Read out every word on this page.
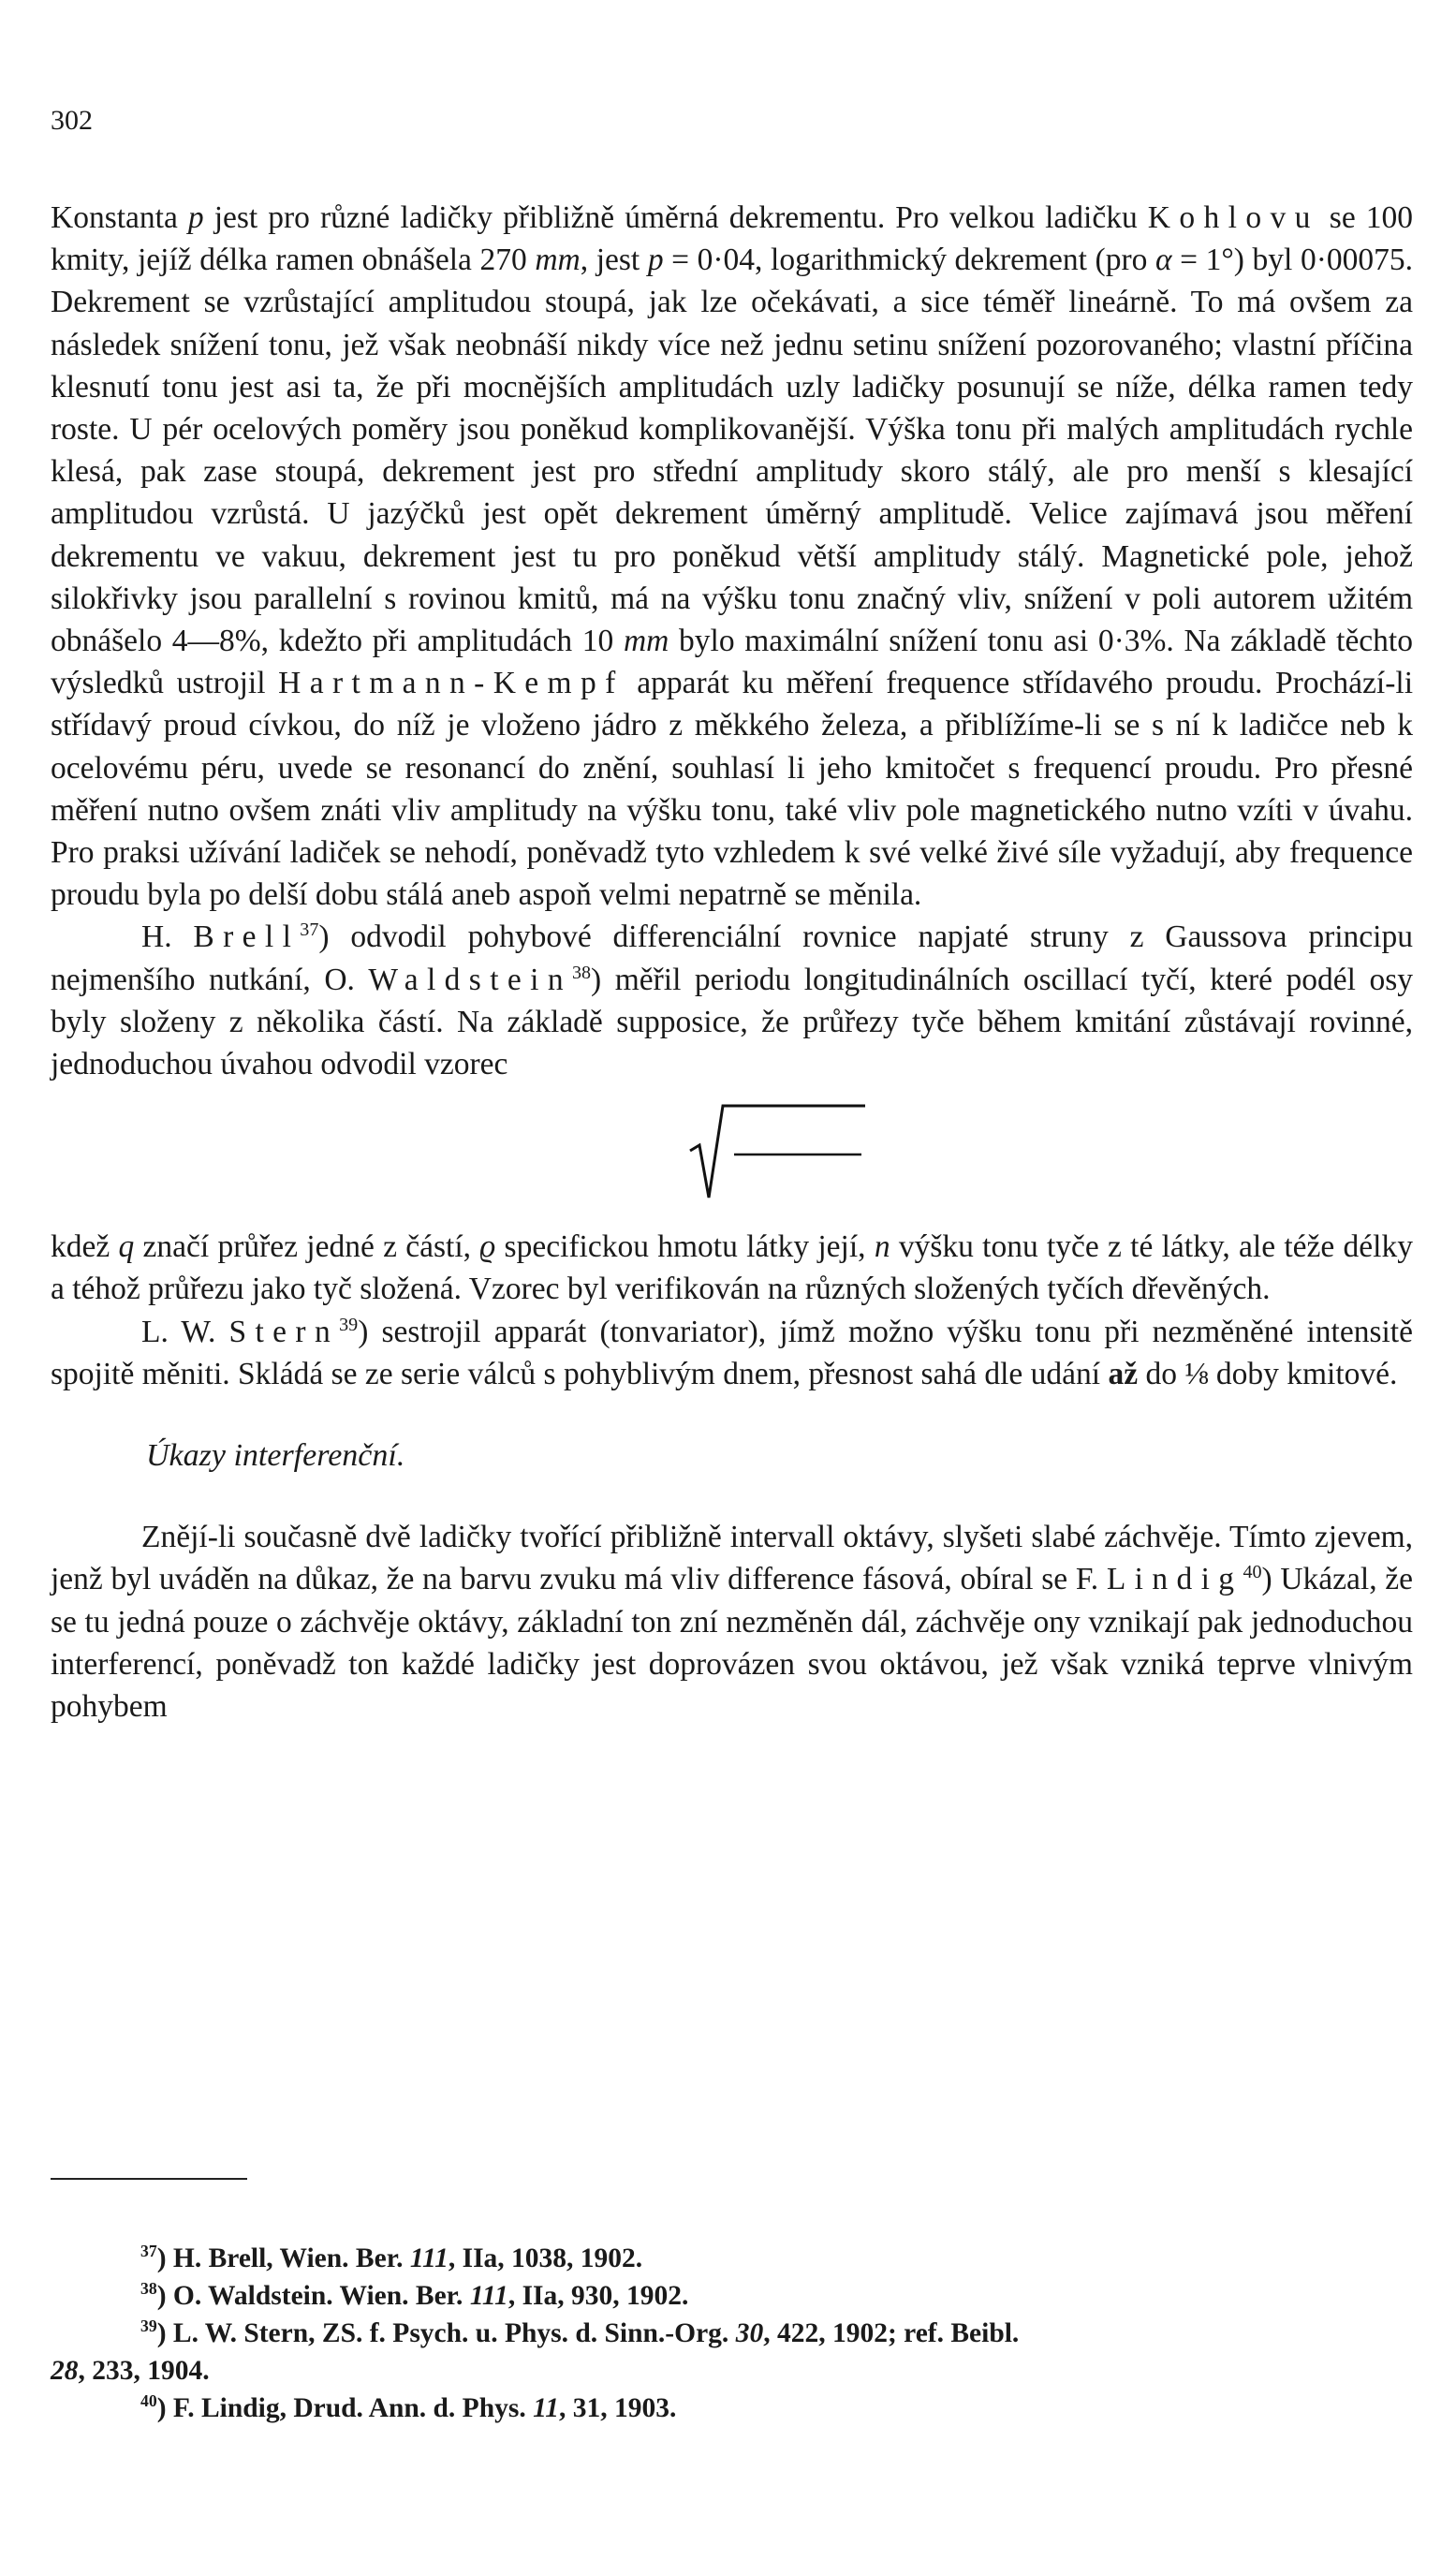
302

Konstanta p jest pro různé ladičky přibližně úměrná dekrementu. Pro velkou ladičku Kohlovu se 100 kmity, jejíž délka ramen obnášela 270 mm, jest p = 0·04, logarithmický dekrement (pro α = 1°) byl 0·00075. Dekrement se vzrůstající amplitudou stoupá, jak lze očekávati, a sice téměř lineárně. To má ovšem za následek snížení tonu, jež však neobnáší nikdy více než jednu setinu snížení pozorovaného; vlastní příčina klesnutí tonu jest asi ta, že při mocnějších amplitudách uzly ladičky posunují se níže, délka ramen tedy roste. U pér ocelových poměry jsou poněkud komplikovanější. Výška tonu při malých amplitudách rychle klesá, pak zase stoupá, dekrement jest pro střední amplitudy skoro stálý, ale pro menší s klesající amplitudou vzrůstá. U jazýčků jest opět dekrement úměrný amplitudě. Velice zajímavá jsou měření dekrementu ve vakuu, dekrement jest tu pro poněkud větší amplitudy stálý. Magnetické pole, jehož silokřivky jsou parallelní s rovinou kmitů, má na výšku tonu značný vliv, snížení v poli autorem užitém obnášelo 4—8%, kdežto při amplitudách 10 mm bylo maximální snížení tonu asi 0·3%. Na základě těchto výsledků ustrojil Hartmann-Kempf apparát ku měření frequence střídavého proudu. Prochází-li střídavý proud cívkou, do níž je vloženo jádro z měkkého železa, a přiblížíme-li se s ní k ladičce neb k ocelovému péru, uvede se resonancí do znění, souhlasí li jeho kmitočet s frequencí proudu. Pro přesné měření nutno ovšem znáti vliv amplitudy na výšku tonu, také vliv pole magnetického nutno vzíti v úvahu. Pro praksi užívání ladiček se nehodí, poněvadž tyto vzhledem k své velké živé síle vyžadují, aby frequence proudu byla po delší dobu stálá aneb aspoň velmi nepatrně se měnila.

H. Brell$^{37}$) odvodil pohybové differenciální rovnice napjaté struny z Gaussova principu nejmenšího nutkání, O. Waldstein$^{38}$) měřil periodu longitudinálních oscillací tyčí, které podél osy byly složeny z několika částí. Na základě supposice, že průřezy tyče během kmitání zůstávají rovinné, jednoduchou úvahou odvodil vzorec

kdež q značí průřez jedné z částí, ϱ specifickou hmotu látky její, n výšku tonu tyče z té látky, ale téže délky a téhož průřezu jako tyč složená. Vzorec byl verifikován na různých složených tyčích dřevěných.

L. W. Stern$^{39}$) sestrojil apparát (tonvariator), jímž možno výšku tonu při nezměněné intensitě spojitě měniti. Skládá se ze serie válců s pohyblivým dnem, přesnost sahá dle udání až do ⅛ doby kmitové.

Úkazy interferenční.

Znějí-li současně dvě ladičky tvořící přibližně intervall oktávy, slyšeti slabé záchvěje. Tímto zjevem, jenž byl uváděn na důkaz, že na barvu zvuku má vliv difference fásová, obíral se F. Lindig$^{40}$) Ukázal, že se tu jedná pouze o záchvěje oktávy, základní ton zní nezměněn dál, záchvěje ony vznikají pak jednoduchou interferencí, poněvadž ton každé ladičky jest doprovázen svou oktávou, jež však vzniká teprve vlnivým pohybem

$^{37}$) H. Brell, Wien. Ber. 111, IIa, 1038, 1902.

$^{38}$) O. Waldstein. Wien. Ber. 111, IIa, 930, 1902.

$^{39}$) L. W. Stern, ZS. f. Psych. u. Phys. d. Sinn.-Org. 30, 422, 1902; ref. Beibl.

28, 233, 1904.

$^{40}$) F. Lindig, Drud. Ann. d. Phys. 11, 31, 1903.
